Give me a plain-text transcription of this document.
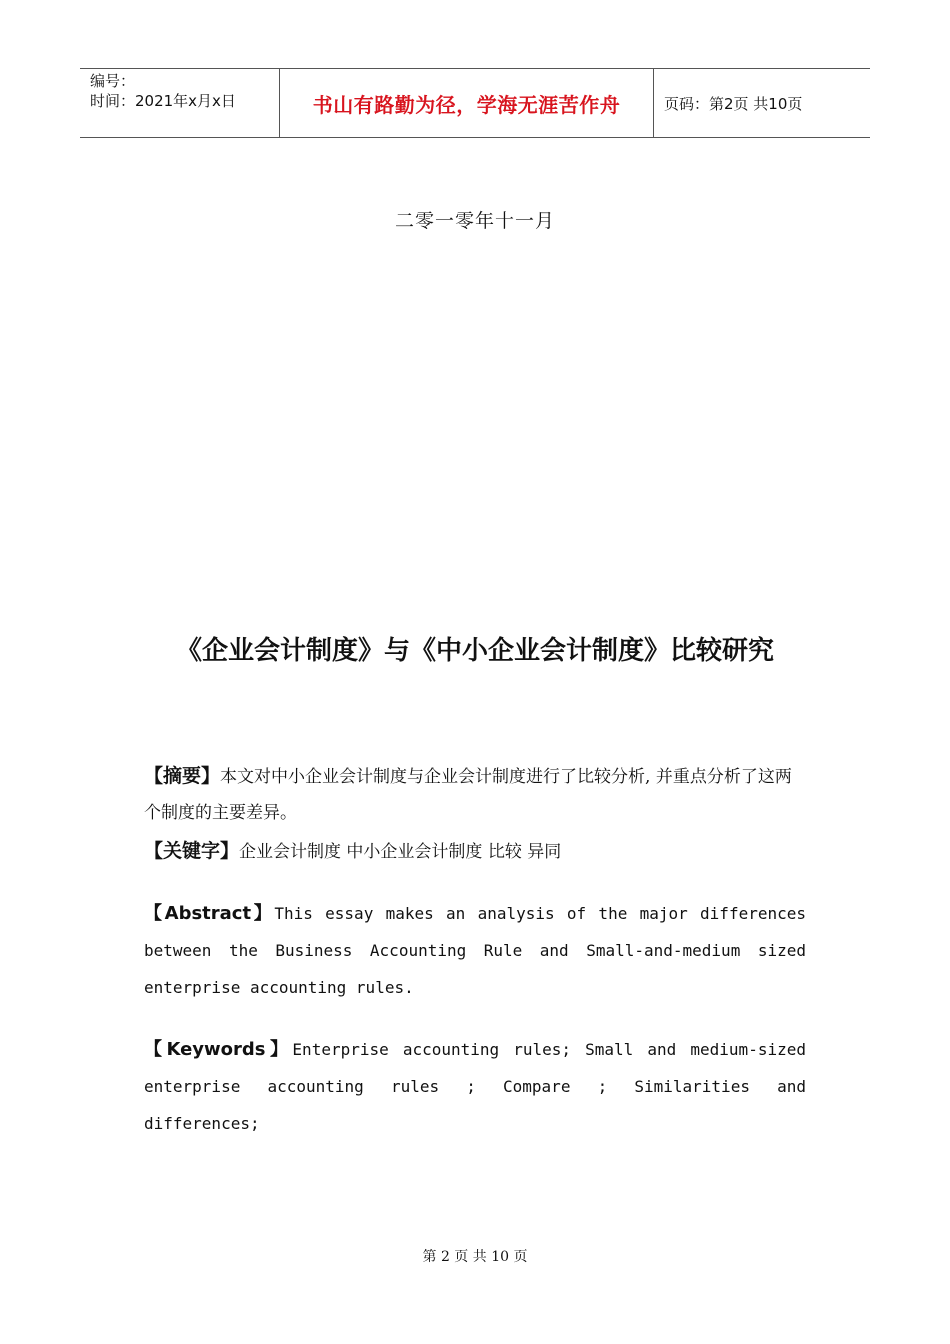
编号：
时间：2021年x月x日	书山有路勤为径，学海无涯苦作舟	页码：第2页 共10页
二零一零年十一月
《企业会计制度》与《中小企业会计制度》比较研究
【摘要】本文对中小企业会计制度与企业会计制度进行了比较分析, 并重点分析了这两个制度的主要差异。
【关键字】企业会计制度 中小企业会计制度 比较 异同
【Abstract】This essay makes an analysis of the major differences between the Business Accounting Rule and Small-and-medium sized enterprise accounting rules.
【Keywords】Enterprise accounting rules; Small and medium-sized enterprise accounting rules ; Compare ; Similarities and differences;
第 2 页 共 10 页
